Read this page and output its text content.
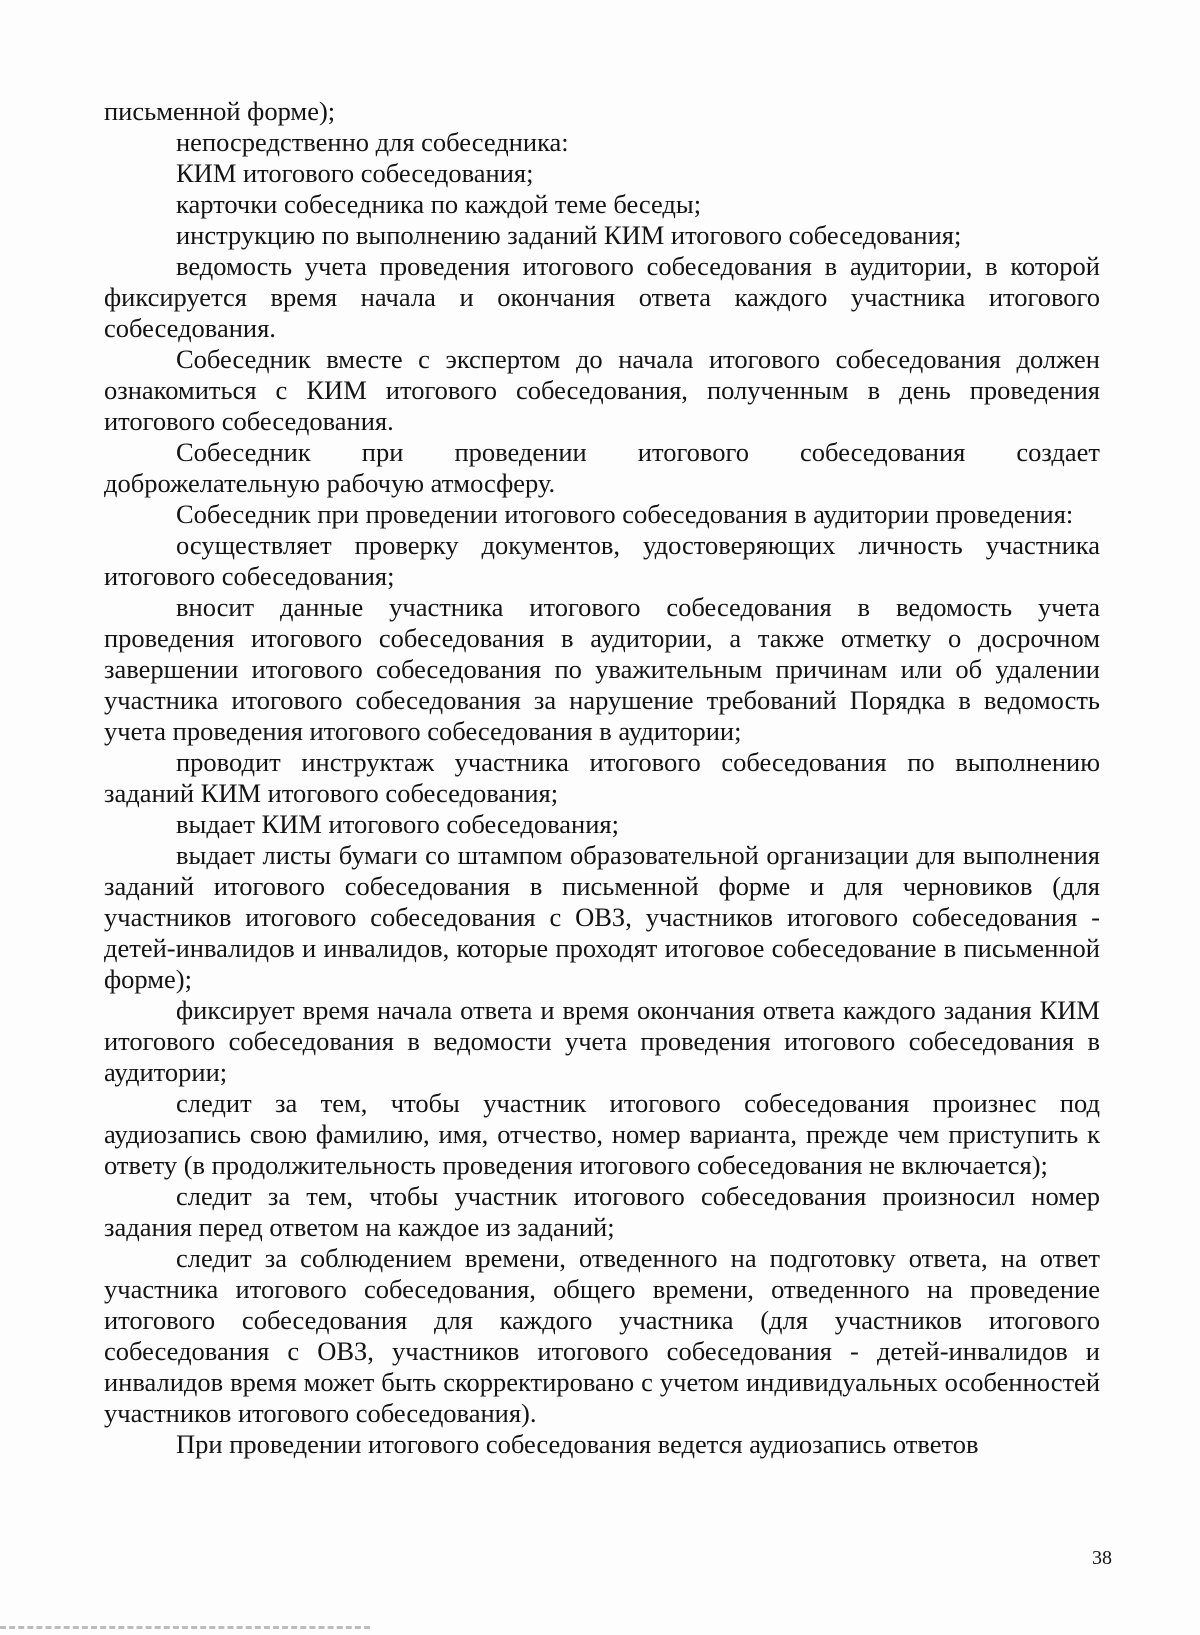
письменной форме);

непосредственно для собеседника:

КИМ итогового собеседования;

карточки собеседника по каждой теме беседы;

инструкцию по выполнению заданий КИМ итогового собеседования;

ведомость учета проведения итогового собеседования в аудитории, в которой фиксируется время начала и окончания ответа каждого участника итогового собеседования.

Собеседник вместе с экспертом до начала итогового собеседования должен ознакомиться с КИМ итогового собеседования, полученным в день проведения итогового собеседования.

Собеседник при проведении итогового собеседования создает доброжелательную рабочую атмосферу.

Собеседник при проведении итогового собеседования в аудитории проведения:

осуществляет проверку документов, удостоверяющих личность участника итогового собеседования;

вносит данные участника итогового собеседования в ведомость учета проведения итогового собеседования в аудитории, а также отметку о досрочном завершении итогового собеседования по уважительным причинам или об удалении участника итогового собеседования за нарушение требований Порядка в ведомость учета проведения итогового собеседования в аудитории;

проводит инструктаж участника итогового собеседования по выполнению заданий КИМ итогового собеседования;

выдает КИМ итогового собеседования;

выдает листы бумаги со штампом образовательной организации для выполнения заданий итогового собеседования в письменной форме и для черновиков (для участников итогового собеседования с ОВЗ, участников итогового собеседования - детей-инвалидов и инвалидов, которые проходят итоговое собеседование в письменной форме);

фиксирует время начала ответа и время окончания ответа каждого задания КИМ итогового собеседования в ведомости учета проведения итогового собеседования в аудитории;

следит за тем, чтобы участник итогового собеседования произнес под аудиозапись свою фамилию, имя, отчество, номер варианта, прежде чем приступить к ответу (в продолжительность проведения итогового собеседования не включается);

следит за тем, чтобы участник итогового собеседования произносил номер задания перед ответом на каждое из заданий;

следит за соблюдением времени, отведенного на подготовку ответа, на ответ участника итогового собеседования, общего времени, отведенного на проведение итогового собеседования для каждого участника (для участников итогового собеседования с ОВЗ, участников итогового собеседования - детей-инвалидов и инвалидов время может быть скорректировано с учетом индивидуальных особенностей участников итогового собеседования).

При проведении итогового собеседования ведется аудиозапись ответов

38
